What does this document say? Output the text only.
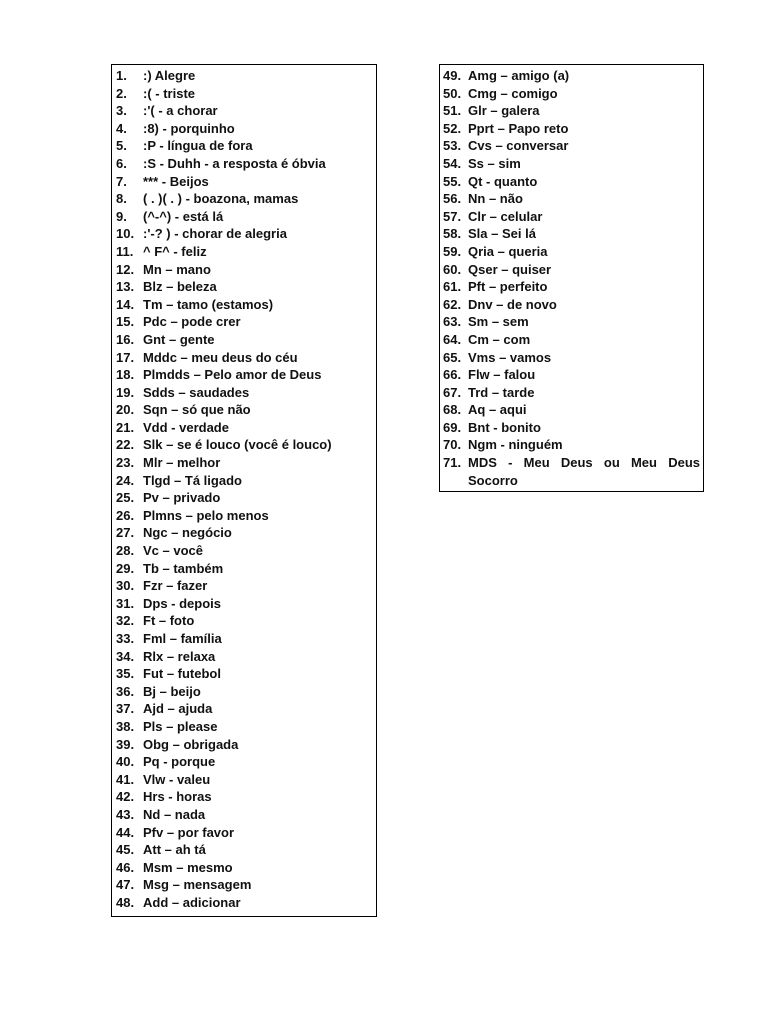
1.	:) Alegre
2.	:( - triste
3.	:'( - a chorar
4.	:8) - porquinho
5.	:P - língua de fora
6.	:S - Duhh - a resposta é óbvia
7.	*** - Beijos
8.	( . )( . ) - boazona, mamas
9.	(^-^) - está lá
10. :'-? ) - chorar de alegria
11. ^ F^ - feliz
12. Mn – mano
13. Blz – beleza
14. Tm – tamo (estamos)
15. Pdc – pode crer
16. Gnt – gente
17. Mddc – meu deus do céu
18. Plmdds – Pelo amor de Deus
19. Sdds – saudades
20. Sqn – só que não
21. Vdd - verdade
22. Slk – se é louco (você é louco)
23. Mlr – melhor
24. Tlgd – Tá ligado
25. Pv – privado
26. Plmns – pelo menos
27. Ngc – negócio
28. Vc – você
29. Tb – também
30. Fzr – fazer
31. Dps - depois
32. Ft – foto
33. Fml – família
34. Rlx – relaxa
35. Fut – futebol
36. Bj – beijo
37. Ajd – ajuda
38. Pls – please
39. Obg – obrigada
40. Pq - porque
41. Vlw - valeu
42. Hrs - horas
43. Nd – nada
44. Pfv – por favor
45. Att – ah tá
46. Msm – mesmo
47. Msg – mensagem
48. Add – adicionar
49. Amg – amigo (a)
50. Cmg – comigo
51. Glr – galera
52. Pprt – Papo reto
53. Cvs – conversar
54. Ss – sim
55. Qt - quanto
56. Nn – não
57. Clr – celular
58. Sla – Sei lá
59. Qria – queria
60. Qser – quiser
61. Pft – perfeito
62. Dnv – de novo
63. Sm – sem
64. Cm – com
65. Vms – vamos
66. Flw – falou
67. Trd – tarde
68. Aq – aqui
69. Bnt - bonito
70. Ngm - ninguém
71. MDS - Meu Deus ou Meu Deus Socorro
